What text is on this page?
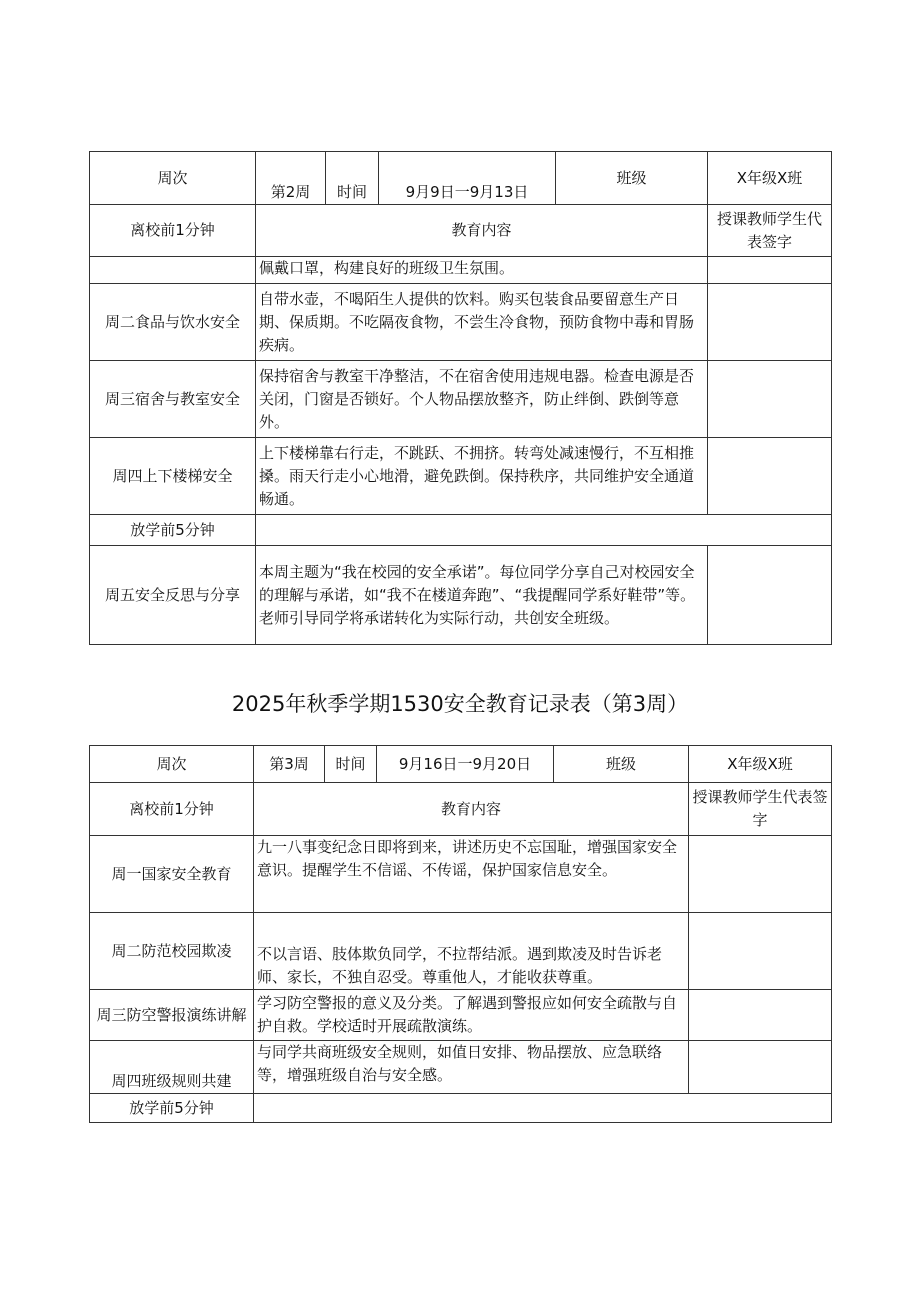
周次	第2周	时间	9月9日一9月13日	班级	X年级X班
离校前1分钟	教育内容				授课教师学生代表签字
	佩戴口罩，构建良好的班级卫生氛围。				
周二食品与饮水安全	自带水壶，不喝陌生人提供的饮料。购买包装食品要留意生产日期、保质期。不吃隔夜食物，不尝生冷食物，预防食物中毒和胃肠疾病。				
周三宿舍与教室安全	保持宿舍与教室干净整洁，不在宿舍使用违规电器。检查电源是否关闭，门窗是否锁好。个人物品摆放整齐，防止绊倒、跌倒等意外。				
周四上下楼梯安全	上下楼梯靠右行走，不跳跃、不拥挤。转弯处减速慢行，不互相推搡。雨天行走小心地滑，避免跌倒。保持秩序，共同维护安全通道畅通。				
放学前5分钟					
周五安全反思与分享	本周主题为“我在校园的安全承诺”。每位同学分享自己对校园安全的理解与承诺，如“我不在楼道奔跑”、“我提醒同学系好鞋带”等。老师引导同学将承诺转化为实际行动，共创安全班级。				
2025年秋季学期1530安全教育记录表（第3周）
周次	第3周	时间	9月16日一9月20日	班级	X年级X班
离校前1分钟	教育内容				授课教师学生代表签字
周一国家安全教育	九一八事变纪念日即将到来，讲述历史不忘国耻，增强国家安全意识。提醒学生不信谣、不传谣，保护国家信息安全。				
周二防范校园欺凌	不以言语、肢体欺负同学，不拉帮结派。遇到欺凌及时告诉老师、家长，不独自忍受。尊重他人，才能收获尊重。				
周三防空警报演练讲解	学习防空警报的意义及分类。了解遇到警报应如何安全疏散与自护自救。学校适时开展疏散演练。				
周四班级规则共建	与同学共商班级安全规则，如值日安排、物品摆放、应急联络等，增强班级自治与安全感。				
放学前5分钟					
